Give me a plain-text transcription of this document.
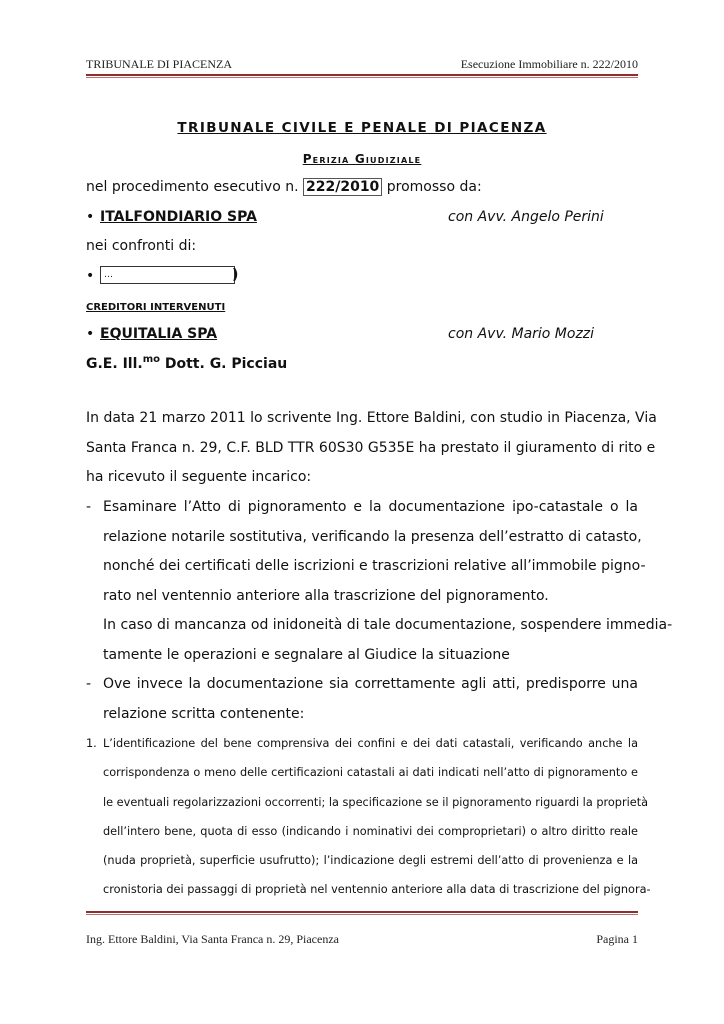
TRIBUNALE DI PIACENZA	Esecuzione Immobiliare n. 222/2010
TRIBUNALE CIVILE E PENALE DI PIACENZA
Perizia Giudiziale
nel procedimento esecutivo n. 222/2010 promosso da:
• ITALFONDIARIO SPA	con Avv. Angelo Perini
nei confronti di:
•	…	)
CREDITORI INTERVENUTI
• EQUITALIA SPA	con Avv. Mario Mozzi
G.E. Ill.$^{mo}$ Dott. G. Picciau
In data 21 marzo 2011 lo scrivente Ing. Ettore Baldini, con studio in Piacenza, Via
Santa Franca n. 29, C.F. BLD TTR 60S30 G535E ha prestato il giuramento di rito e
ha ricevuto il seguente incarico:
- Esaminare l’Atto di pignoramento e la documentazione ipo-catastale o la
relazione notarile sostitutiva, verificando la presenza dell’estratto di catasto,
nonché dei certificati delle iscrizioni e trascrizioni relative all’immobile pigno-
rato nel ventennio anteriore alla trascrizione del pignoramento.
In caso di mancanza od inidoneità di tale documentazione, sospendere immedia-
tamente le operazioni e segnalare al Giudice la situazione
- Ove invece la documentazione sia correttamente agli atti, predisporre una
relazione scritta contenente:
1. L’identificazione del bene comprensiva dei confini e dei dati catastali, verificando anche la
corrispondenza o meno delle certificazioni catastali ai dati indicati nell’atto di pignoramento e
le eventuali regolarizzazioni occorrenti; la specificazione se il pignoramento riguardi la proprietà
dell’intero bene, quota di esso (indicando i nominativi dei comproprietari) o altro diritto reale
(nuda proprietà, superficie usufrutto); l’indicazione degli estremi dell’atto di provenienza e la
cronistoria dei passaggi di proprietà nel ventennio anteriore alla data di trascrizione del pignora-
Ing. Ettore Baldini, Via Santa Franca n. 29, Piacenza	Pagina 1
